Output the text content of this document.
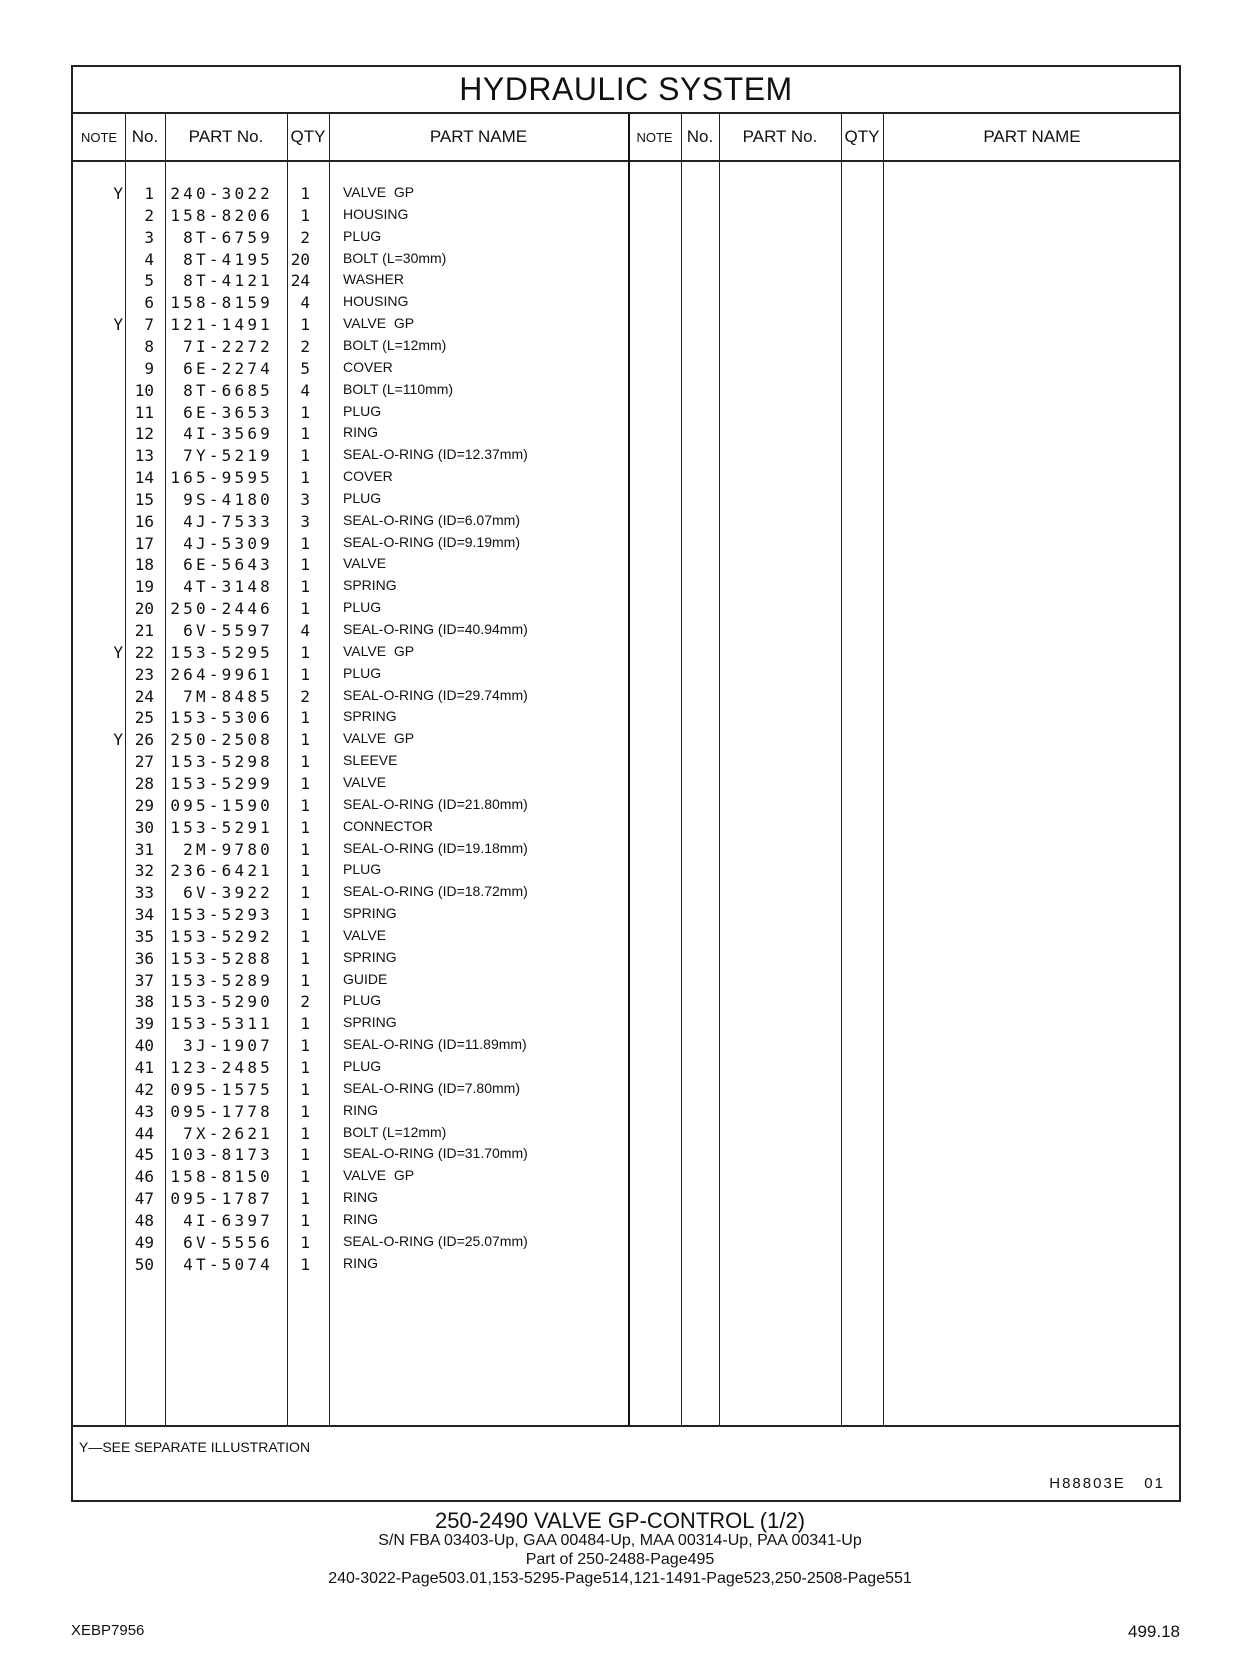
HYDRAULIC SYSTEM
NOTE No.	PART No.	QTY	PART NAME	NOTE No.	PART No.	QTY	PART NAME
Y	1	240-3022	1 VALVE  GP
2	158-8206	1 HOUSING
3	8T-6759	2 PLUG
4	8T-4195	20 BOLT (L=30mm)
5	8T-4121	24 WASHER
6	158-8159	4 HOUSING
Y	7	121-1491	1 VALVE  GP
8	7I-2272	2 BOLT (L=12mm)
9	6E-2274	5 COVER
10	8T-6685	4 BOLT (L=110mm)
11	6E-3653	1 PLUG
12	4I-3569	1 RING
13	7Y-5219	1 SEAL-O-RING (ID=12.37mm)
14	165-9595	1 COVER
15	9S-4180	3 PLUG
16	4J-7533	3 SEAL-O-RING (ID=6.07mm)
17	4J-5309	1 SEAL-O-RING (ID=9.19mm)
18	6E-5643	1 VALVE
19	4T-3148	1 SPRING
20	250-2446	1 PLUG
21	6V-5597	4 SEAL-O-RING (ID=40.94mm)
Y 22	153-5295	1 VALVE  GP
23	264-9961	1 PLUG
24	7M-8485	2 SEAL-O-RING (ID=29.74mm)
25	153-5306	1 SPRING
Y 26	250-2508	1 VALVE  GP
27	153-5298	1 SLEEVE
28	153-5299	1 VALVE
29	095-1590	1 SEAL-O-RING (ID=21.80mm)
30	153-5291	1 CONNECTOR
31	2M-9780	1 SEAL-O-RING (ID=19.18mm)
32	236-6421	1 PLUG
33	6V-3922	1 SEAL-O-RING (ID=18.72mm)
34	153-5293	1 SPRING
35	153-5292	1 VALVE
36	153-5288	1 SPRING
37	153-5289	1 GUIDE
38	153-5290	2 PLUG
39	153-5311	1 SPRING
40	3J-1907	1 SEAL-O-RING (ID=11.89mm)
41	123-2485	1 PLUG
42	095-1575	1 SEAL-O-RING (ID=7.80mm)
43	095-1778	1 RING
44	7X-2621	1 BOLT (L=12mm)
45	103-8173	1 SEAL-O-RING (ID=31.70mm)
46	158-8150	1 VALVE  GP
47	095-1787	1 RING
48	4I-6397	1 RING
49	6V-5556	1 SEAL-O-RING (ID=25.07mm)
50	4T-5074	1 RING
Y—SEE SEPARATE ILLUSTRATION
H88803E   01
250-2490 VALVE GP-CONTROL (1/2)
S/N FBA 03403-Up, GAA 00484-Up, MAA 00314-Up, PAA 00341-Up
Part of 250-2488-Page495
240-3022-Page503.01,153-5295-Page514,121-1491-Page523,250-2508-Page551
XEBP7956	499.18
